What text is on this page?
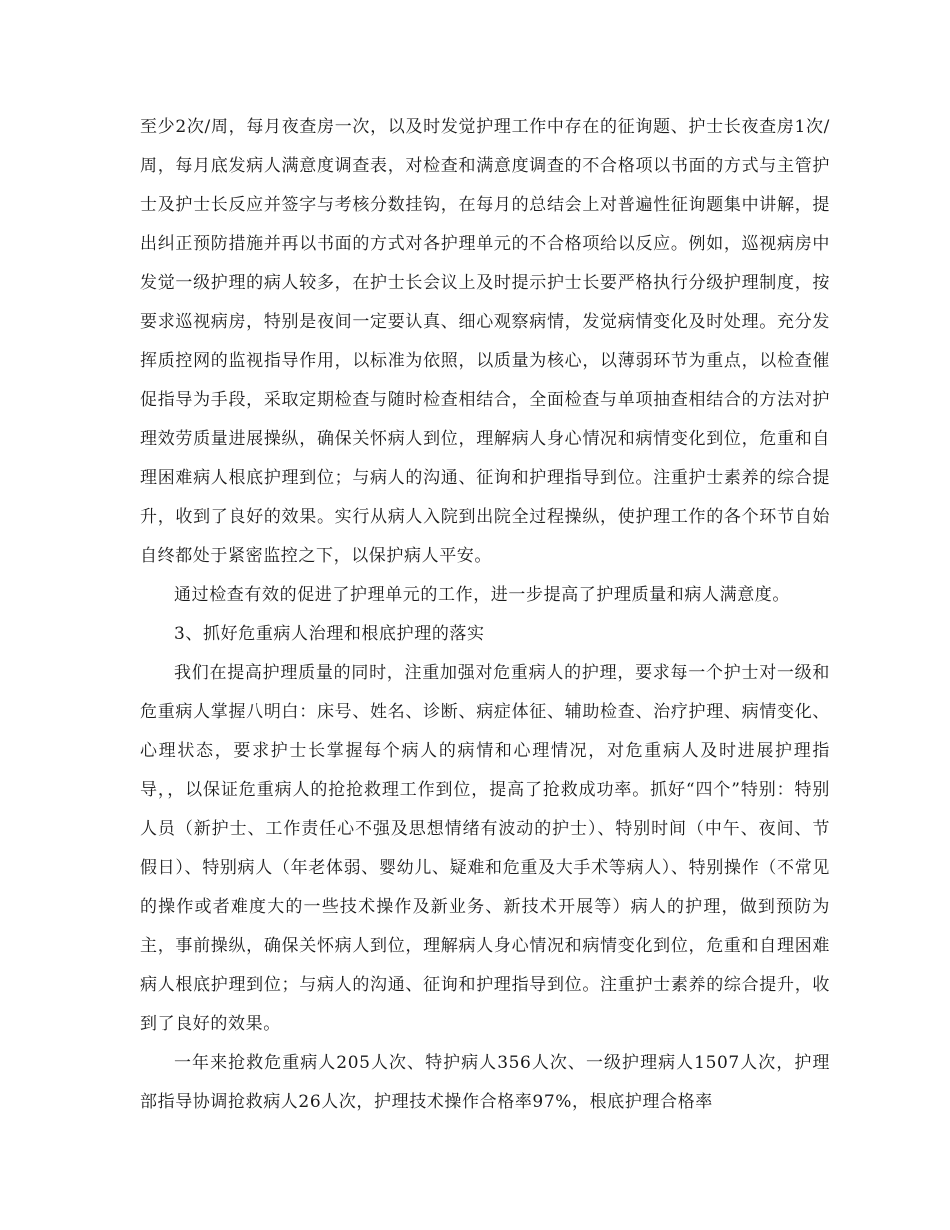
至少2次/周，每月夜查房一次，以及时发觉护理工作中存在的征询题、护士长夜查房1次/周，每月底发病人满意度调查表，对检查和满意度调查的不合格项以书面的方式与主管护士及护士长反应并签字与考核分数挂钩，在每月的总结会上对普遍性征询题集中讲解，提出纠正预防措施并再以书面的方式对各护理单元的不合格项给以反应。例如，巡视病房中发觉一级护理的病人较多，在护士长会议上及时提示护士长要严格执行分级护理制度，按要求巡视病房，特别是夜间一定要认真、细心观察病情，发觉病情变化及时处理。充分发挥质控网的监视指导作用，以标准为依照，以质量为核心，以薄弱环节为重点，以检查催促指导为手段，采取定期检查与随时检查相结合，全面检查与单项抽查相结合的方法对护理效劳质量进展操纵，确保关怀病人到位，理解病人身心情况和病情变化到位，危重和自理困难病人根底护理到位；与病人的沟通、征询和护理指导到位。注重护士素养的综合提升，收到了良好的效果。实行从病人入院到出院全过程操纵，使护理工作的各个环节自始自终都处于紧密监控之下，以保护病人平安。

通过检查有效的促进了护理单元的工作，进一步提高了护理质量和病人满意度。

3、抓好危重病人治理和根底护理的落实

我们在提高护理质量的同时，注重加强对危重病人的护理，要求每一个护士对一级和危重病人掌握八明白：床号、姓名、诊断、病症体征、辅助检查、治疗护理、病情变化、心理状态，要求护士长掌握每个病人的病情和心理情况，对危重病人及时进展护理指导，，以保证危重病人的抢抢救理工作到位，提高了抢救成功率。抓好“四个”特别：特别人员（新护士、工作责任心不强及思想情绪有波动的护士）、特别时间（中午、夜间、节假日）、特别病人（年老体弱、婴幼儿、疑难和危重及大手术等病人）、特别操作（不常见的操作或者难度大的一些技术操作及新业务、新技术开展等）病人的护理，做到预防为主，事前操纵，确保关怀病人到位，理解病人身心情况和病情变化到位，危重和自理困难病人根底护理到位；与病人的沟通、征询和护理指导到位。注重护士素养的综合提升，收到了良好的效果。

一年来抢救危重病人205人次、特护病人356人次、一级护理病人1507人次，护理部指导协调抢救病人26人次，护理技术操作合格率97%，根底护理合格率
